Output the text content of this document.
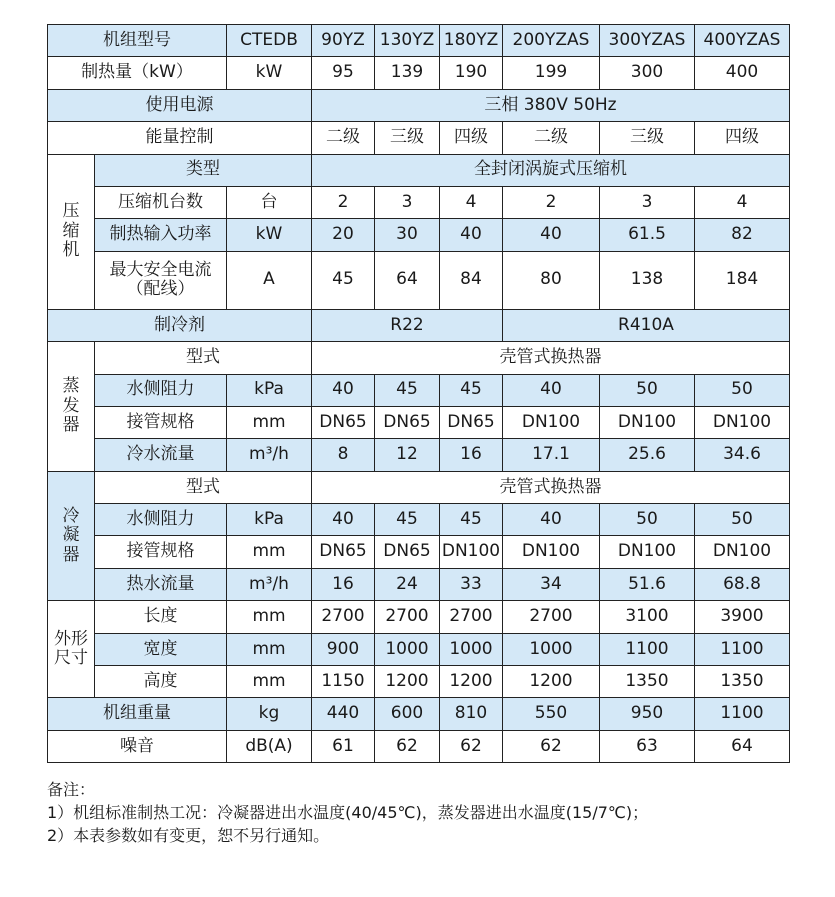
机组型号		CTEDB	90YZ	130YZ	180YZ	200YZAS	300YZAS	400YZAS
制热量（kW）		kW	95	139	190	199	300	400
使用电源			三相 380V 50Hz					
能量控制			二级	三级	四级	二级	三级	四级
压缩机	类型		全封闭涡旋式压缩机					
	压缩机台数	台	2	3	4	2	3	4
	制热输入功率	kW	20	30	40	40	61.5	82

	最大安全电流
（配线）	A	45	64	84	80	138	184
制冷剂			R22			R410A		
蒸发器	型式		壳管式换热器					
	水侧阻力	kPa	40	45	45	40	50	50
	接管规格	mm	DN65	DN65	DN65	DN100	DN100	DN100
	冷水流量	m³/h	8	12	16	17.1	25.6	34.6
冷凝器	型式		壳管式换热器					
	水侧阻力	kPa	40	45	45	40	50	50
	接管规格	mm	DN65	DN65	DN100	DN100	DN100	DN100
	热水流量	m³/h	16	24	33	34	51.6	68.8

外形
尺寸	长度	mm	2700	2700	2700	2700	3100	3900
	宽度	mm	900	1000	1000	1000	1100	1100
	高度	mm	1150	1200	1200	1200	1350	1350
机组重量		kg	440	600	810	550	950	1100
噪音		dB(A)	61	62	62	62	63	64
备注：
1）机组标准制热工况：冷凝器进出水温度(40/45℃)，蒸发器进出水温度(15/7℃)；
2）本表参数如有变更，恕不另行通知。
